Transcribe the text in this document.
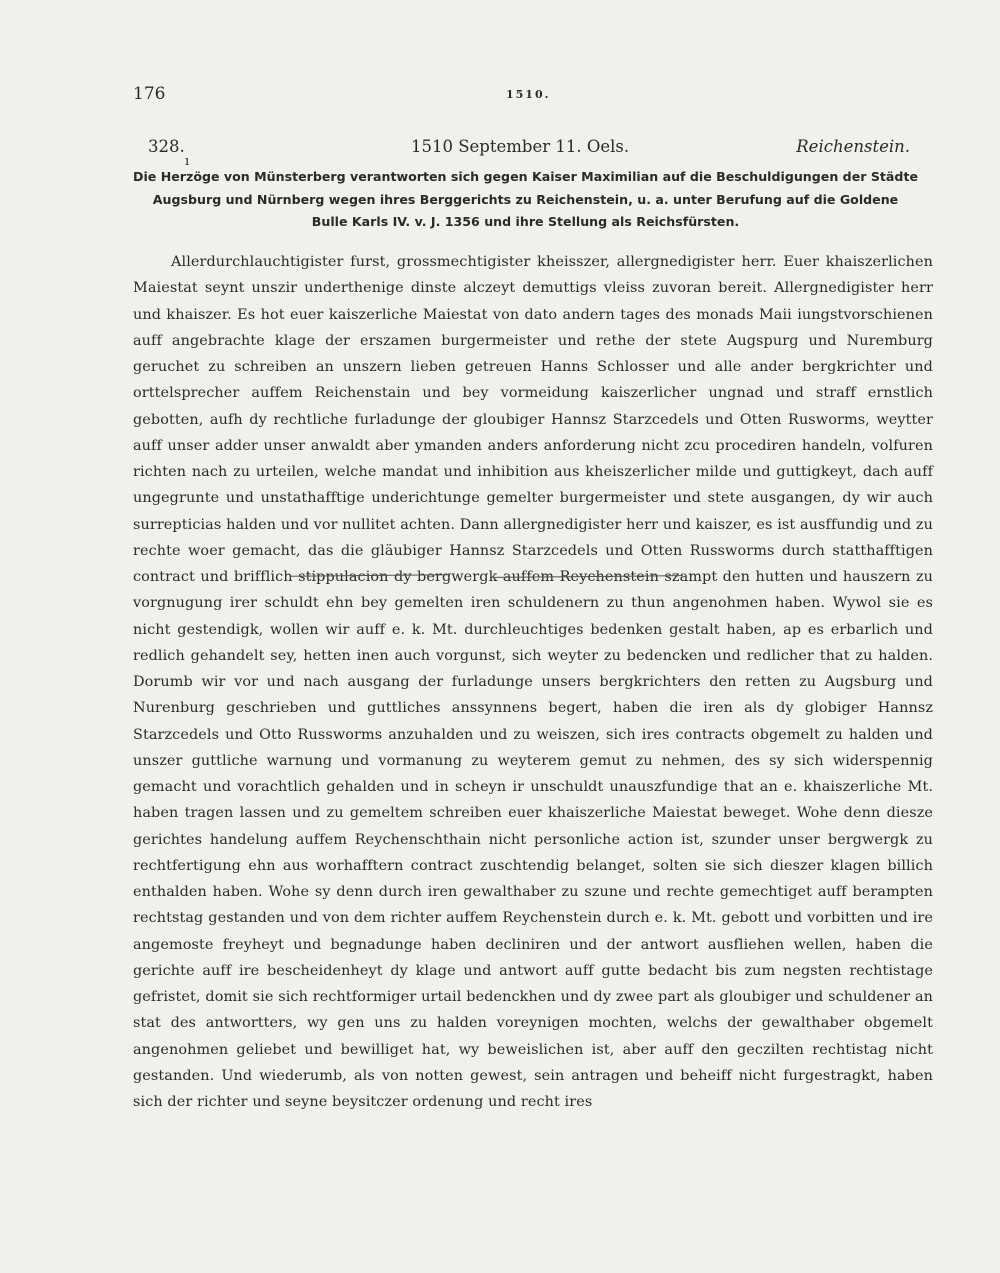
176	1510.
328.	1510 September 11. Oels.	Reichenstein.
ı
Die Herzöge von Münsterberg verantworten sich gegen Kaiser Maximilian auf die Beschuldigungen der Städte Augsburg und Nürnberg wegen ihres Berggerichts zu Reichenstein, u. a. unter Berufung auf die Goldene Bulle Karls IV. v. J. 1356 und ihre Stellung als Reichsfürsten.
Allerdurchlauchtigister furst, grossmechtigister kheisszer, allergnedigister herr. Euer khaiszerlichen Maiestat seynt unszir underthenige dinste alczeyt demuttigs vleiss zuvoran bereit. Allergnedigister herr und khaiszer. Es hot euer kaiszerliche Maiestat von dato andern tages des monads Maii iungstvorschienen auff angebrachte klage der erszamen burgermeister und rethe der stete Augspurg und Nuremburg geruchet zu schreiben an unszern lieben getreuen Hanns Schlosser und alle ander bergkrichter und orttelsprecher auffem Reichenstain und bey vormeidung kaiszerlicher ungnad und straff ernstlich gebotten, aufh dy rechtliche furladunge der gloubiger Hannsz Starzcedels und Otten Rusworms, weytter auff unser adder unser anwaldt aber ymanden anders anforderung nicht zcu procediren handeln, volfuren richten nach zu urteilen, welche mandat und inhibition aus kheiszerlicher milde und guttigkeyt, dach auff ungegrunte und unstathafftige underichtunge gemelter burgermeister und stete ausgangen, dy wir auch surrepticias halden und vor nullitet achten. Dann allergnedigister herr und kaiszer, es ist ausffundig und zu rechte woer gemacht, das die gläubiger Hannsz Starzcedels und Otten Russworms durch statthafftigen contract und brifflich stippulacion dy bergwergk auffem Reychenstein szampt den hutten und hauszern zu vorgnugung irer schuldt ehn bey gemelten iren schuldenern zu thun angenohmen haben. Wywol sie es nicht gestendigk, wollen wir auff e. k. Mt. durchleuchtiges bedenken gestalt haben, ap es erbarlich und redlich gehandelt sey, hetten inen auch vorgunst, sich weyter zu bedencken und redlicher that zu halden. Dorumb wir vor und nach ausgang der furladunge unsers bergkrichters den retten zu Augsburg und Nurenburg geschrieben und guttliches anssynnens begert, haben die iren als dy globiger Hannsz Starzcedels und Otto Russworms anzuhalden und zu weiszen, sich ires contracts obgemelt zu halden und unszer guttliche warnung und vormanung zu weyterem gemut zu nehmen, des sy sich widerspennig gemacht und vorachtlich gehalden und in scheyn ir unschuldt unauszfundige that an e. khaiszerliche Mt. haben tragen lassen und zu gemeltem schreiben euer khaiszerliche Maiestat beweget. Wohe denn diesze gerichtes handelung auffem Reychenschthain nicht personliche action ist, szunder unser bergwergk zu rechtfertigung ehn aus worhafftern contract zuschtendig belanget, solten sie sich dieszer klagen billich enthalden haben. Wohe sy denn durch iren gewalthaber zu szune und rechte gemechtiget auff berampten rechtstag gestanden und von dem richter auffem Reychenstein durch e. k. Mt. gebott und vorbitten und ire angemoste freyheyt und begnadunge haben decliniren und der antwort ausfliehen wellen, haben die gerichte auff ire bescheidenheyt dy klage und antwort auff gutte bedacht bis zum negsten rechtistage gefristet, domit sie sich rechtformiger urtail bedenckhen und dy zwee part als gloubiger und schuldener an stat des antwortters, wy gen uns zu halden voreynigen mochten, welchs der gewalthaber obgemelt angenohmen geliebet und bewilliget hat, wy beweislichen ist, aber auff den geczilten rechtistag nicht gestanden. Und wiederumb, als von notten gewest, sein antragen und beheiff nicht furgestragkt, haben sich der richter und seyne beysitczer ordenung und recht ires
